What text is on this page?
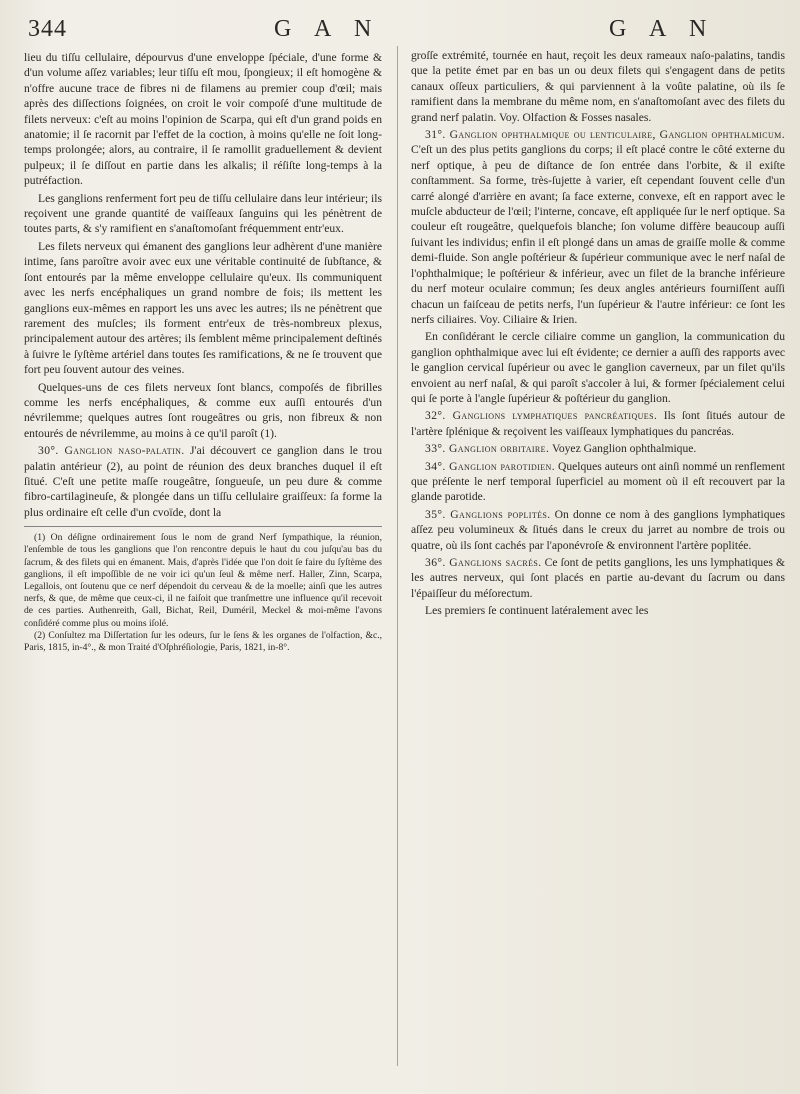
344	G A N	G A N

lieu du tiſſu cellulaire, dépourvus d'une enveloppe ſpéciale, d'une forme & d'un volume aſſez variables; leur tiſſu eſt mou, ſpongieux; il eſt homogène & n'offre aucune trace de fibres ni de filamens au premier coup d'œil; mais après des diſſections ſoignées, on croit le voir compoſé d'une multitude de filets nerveux: c'eſt au moins l'opinion de Scarpa, qui eſt d'un grand poids en anatomie; il ſe racornit par l'effet de la coction, à moins qu'elle ne ſoit long-temps prolongée; alors, au contraire, il ſe ramollit graduellement & devient pulpeux; il ſe diſſout en partie dans les alkalis; il réſiſte long-temps à la putréfaction.

Les ganglions renferment fort peu de tiſſu cellulaire dans leur intérieur; ils reçoivent une grande quantité de vaiſſeaux ſanguins qui les pénètrent de toutes parts, & s'y ramifient en s'anaſtomoſant fréquemment entr'eux.

Les filets nerveux qui émanent des ganglions leur adhèrent d'une manière intime, ſans paroître avoir avec eux une véritable continuité de ſubſtance, & ſont entourés par la même enveloppe cellulaire qu'eux. Ils communiquent avec les nerfs encéphaliques un grand nombre de fois; ils mettent les ganglions eux-mêmes en rapport les uns avec les autres; ils ne pénètrent que rarement des muſcles; ils forment entr'eux de très-nombreux plexus, principalement autour des artères; ils ſemblent même principalement deſtinés à ſuivre le ſyſtème artériel dans toutes ſes ramifications, & ne ſe trouvent que fort peu ſouvent autour des veines.

Quelques-uns de ces filets nerveux ſont blancs, compoſés de fibrilles comme les nerfs encéphaliques, & comme eux auſſi entourés d'un névrilemme; quelques autres ſont rougeâtres ou gris, non fibreux & non entourés de névrilemme, au moins à ce qu'il paroît (1).

30°. Ganglion naso-palatin. J'ai découvert ce ganglion dans le trou palatin antérieur (2), au point de réunion des deux branches duquel il eſt ſitué. C'eſt une petite maſſe rougeâtre, ſongueuſe, un peu dure & comme fibro-cartilagineuſe, & plongée dans un tiſſu cellulaire graiſſeux: ſa forme la plus ordinaire eſt celle d'un cvoïde, dont la

(1) On déſigne ordinairement ſous le nom de grand Nerf ſympathique, la réunion, l'enſemble de tous les ganglions que l'on rencontre depuis le haut du cou juſqu'au bas du ſacrum, & des filets qui en émanent. Mais, d'après l'idée que l'on doit ſe faire du ſyſtème des ganglions, il eſt impoſſible de ne voir ici qu'un ſeul & même nerf. Haller, Zinn, Scarpa, Legallois, ont ſoutenu que ce nerf dépendoit du cerveau & de la moelle; ainſi que les autres nerfs, & que, de même que ceux-ci, il ne faiſoit que tranſmettre une influence qu'il recevoit de ces parties. Authenreith, Gall, Bichat, Reil, Duméril, Meckel & moi-même l'avons conſidéré comme plus ou moins iſolé.

(2) Conſultez ma Diſſertation ſur les odeurs, ſur le ſens & les organes de l'olfaction, &c., Paris, 1815, in-4°., & mon Traité d'Oſphréſiologie, Paris, 1821, in-8°.

groſſe extrémité, tournée en haut, reçoit les deux rameaux naſo-palatins, tandis que la petite émet par en bas un ou deux filets qui s'engagent dans de petits canaux oſſeux particuliers, & qui parviennent à la voûte palatine, où ils ſe ramifient dans la membrane du même nom, en s'anaſtomoſant avec des filets du grand nerf palatin. Voy. Olfaction & Fosses nasales.

31°. Ganglion ophthalmique ou lenticulaire, Ganglion ophthalmicum. C'eſt un des plus petits ganglions du corps; il eſt placé contre le côté externe du nerf optique, à peu de diſtance de ſon entrée dans l'orbite, & il exiſte conſtamment. Sa forme, très-ſujette à varier, eſt cependant ſouvent celle d'un carré alongé d'arrière en avant; ſa face externe, convexe, eſt en rapport avec le muſcle abducteur de l'œil; l'interne, concave, eſt appliquée ſur le nerf optique. Sa couleur eſt rougeâtre, quelquefois blanche; ſon volume diffère beaucoup auſſi ſuivant les individus; enfin il eſt plongé dans un amas de graiſſe molle & comme demi-fluide. Son angle poſtérieur & ſupérieur communique avec le nerf naſal de l'ophthalmique; le poſtérieur & inférieur, avec un filet de la branche inférieure du nerf moteur oculaire commun; ſes deux angles antérieurs fourniſſent auſſi chacun un faiſceau de petits nerfs, l'un ſupérieur & l'autre inférieur: ce ſont les nerfs ciliaires. Voy. Ciliaire & Irien.

En conſidérant le cercle ciliaire comme un ganglion, la communication du ganglion ophthalmique avec lui eſt évidente; ce dernier a auſſi des rapports avec le ganglion cervical ſupérieur ou avec le ganglion caverneux, par un filet qu'ils envoient au nerf naſal, & qui paroît s'accoler à lui, & former ſpécialement celui qui ſe porte à l'angle ſupérieur & poſtérieur du ganglion.

32°. Ganglions lymphatiques pancréatiques. Ils ſont ſitués autour de l'artère ſplénique & reçoivent les vaiſſeaux lymphatiques du pancréas.

33°. Ganglion orbitaire. Voyez Ganglion ophthalmique.

34°. Ganglion parotidien. Quelques auteurs ont ainſi nommé un renflement que préſente le nerf temporal ſuperficiel au moment où il eſt recouvert par la glande parotide.

35°. Ganglions poplités. On donne ce nom à des ganglions lymphatiques aſſez peu volumineux & ſitués dans le creux du jarret au nombre de trois ou quatre, où ils ſont cachés par l'aponévroſe & environnent l'artère poplitée.

36°. Ganglions sacrés. Ce ſont de petits ganglions, les uns lymphatiques & les autres nerveux, qui ſont placés en partie au-devant du ſacrum ou dans l'épaiſſeur du méſorectum.

Les premiers ſe continuent latéralement avec les
